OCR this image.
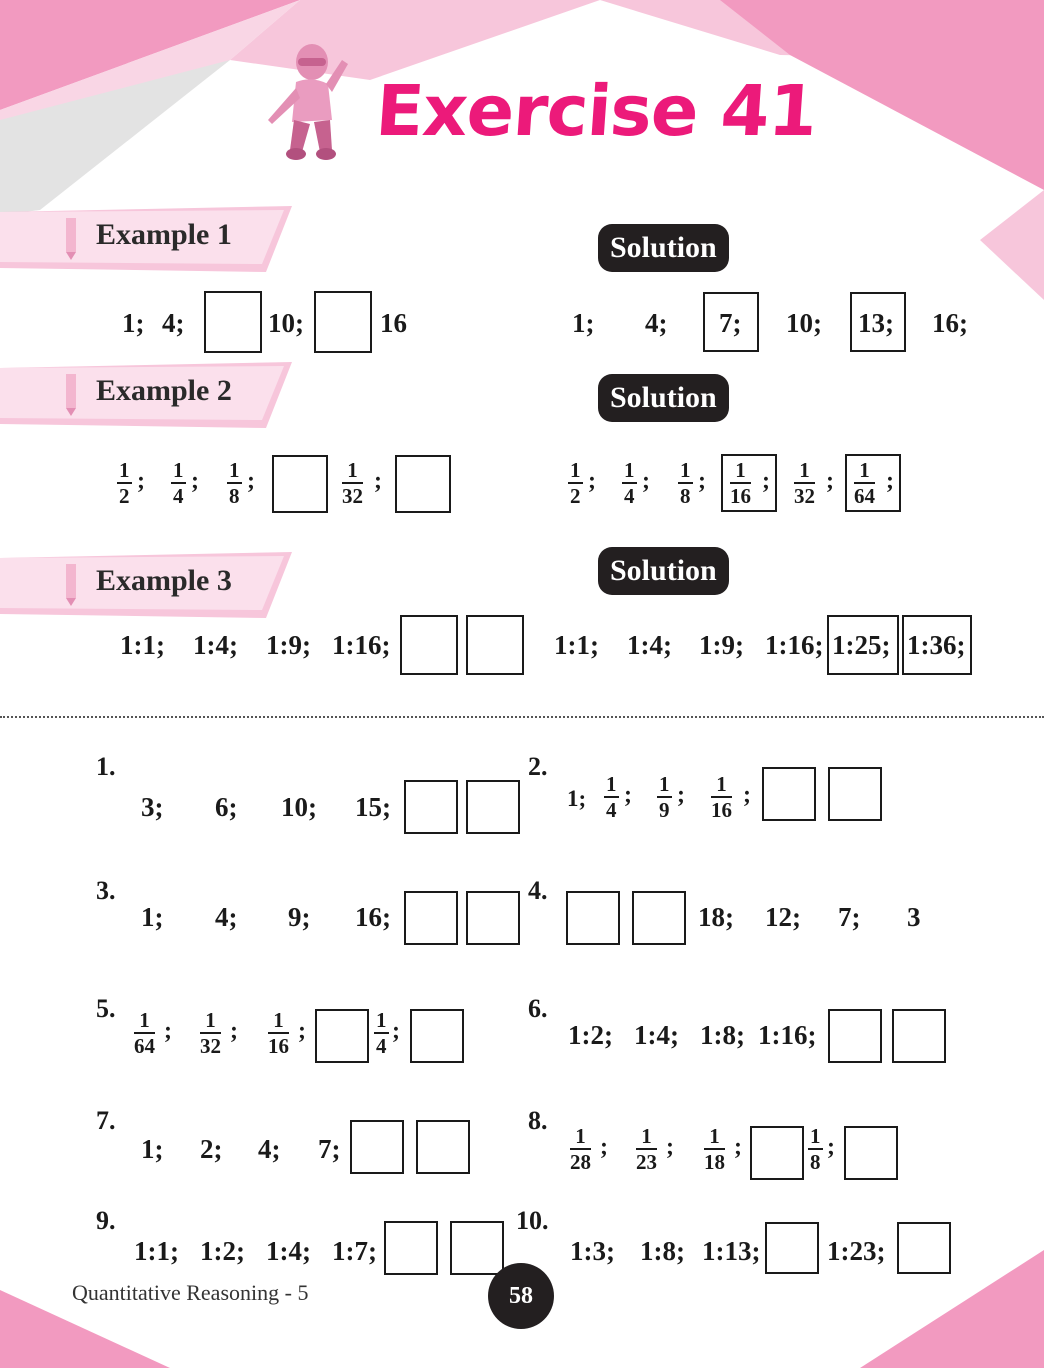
Exercise 41
Example 1
Example 2
Example 3
Solution
Solution
Solution
1; 4;	10;	16	1; 4; 7; 10; 13; 16;
$\frac{1}{2}$ ; $\frac{1}{4}$ ; $\frac{1}{8}$ ;	$\frac{1}{32}$ ;	$\frac{1}{2}$ ; $\frac{1}{4}$ ; $\frac{1}{8}$ ; $\frac{1}{16}$ ; $\frac{1}{32}$ ; $\frac{1}{64}$ ;
1:1; 1:4; 1:9; 1:16;	1:1; 1:4; 1:9; 1:16; 1:25; 1:36;
1.
3; 6; 10; 15;
2.
1; $\frac{1}{4}$ ; $\frac{1}{9}$ ; $\frac{1}{16}$ ;
3.
1; 4; 9; 16;
4.
18; 12; 7; 3
5. $\frac{1}{64}$ ; $\frac{1}{32}$ ; $\frac{1}{16}$ ;	$\frac{1}{4}$ ;
6.
1:2; 1:4; 1:8; 1:16;
7.
1; 2; 4; 7;
8.
$\frac{1}{28}$ ; $\frac{1}{23}$ ; $\frac{1}{18}$ ;	$\frac{1}{8}$ ;
9.
1:1; 1:2; 1:4; 1:7;
10.
1:3; 1:8; 1:13; 1:23;
Quantitative Reasoning - 5	58
